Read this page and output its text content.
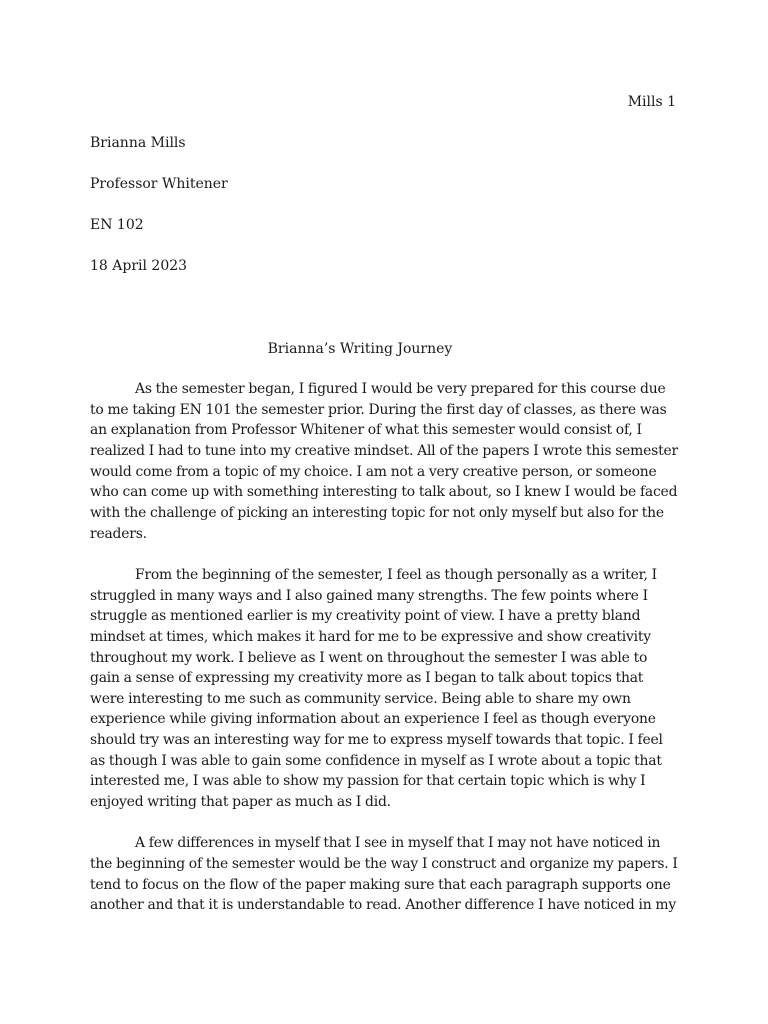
Mills 1
Brianna Mills
Professor Whitener
EN 102
18 April 2023
Brianna’s Writing Journey

As the semester began, I figured I would be very prepared for this course due to me taking EN 101 the semester prior. During the first day of classes, as there was an explanation from Professor Whitener of what this semester would consist of, I realized I had to tune into my creative mindset. All of the papers I wrote this semester would come from a topic of my choice. I am not a very creative person, or someone who can come up with something interesting to talk about, so I knew I would be faced with the challenge of picking an interesting topic for not only myself but also for the readers.

From the beginning of the semester, I feel as though personally as a writer, I struggled in many ways and I also gained many strengths. The few points where I struggle as mentioned earlier is my creativity point of view. I have a pretty bland mindset at times, which makes it hard for me to be expressive and show creativity throughout my work. I believe as I went on throughout the semester I was able to gain a sense of expressing my creativity more as I began to talk about topics that were interesting to me such as community service. Being able to share my own experience while giving information about an experience I feel as though everyone should try was an interesting way for me to express myself towards that topic. I feel as though I was able to gain some confidence in myself as I wrote about a topic that interested me, I was able to show my passion for that certain topic which is why I enjoyed writing that paper as much as I did.

A few differences in myself that I see in myself that I may not have noticed in the beginning of the semester would be the way I construct and organize my papers. I tend to focus on the flow of the paper making sure that each paragraph supports one another and that it is understandable to read. Another difference I have noticed in my
